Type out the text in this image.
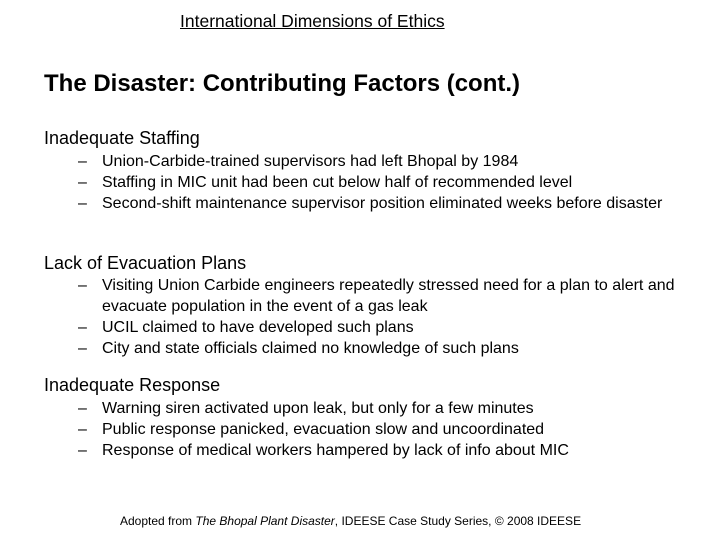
International Dimensions of Ethics
The Disaster: Contributing Factors (cont.)
Inadequate Staffing
– Union-Carbide-trained supervisors had left Bhopal by 1984
– Staffing in MIC unit had been cut below half of recommended level
– Second-shift maintenance supervisor position eliminated weeks before disaster
Lack of Evacuation Plans
– Visiting Union Carbide engineers repeatedly stressed need for a plan to alert and evacuate population in the event of a gas leak
– UCIL claimed to have developed such plans
– City and state officials claimed no knowledge of such plans
Inadequate Response
– Warning siren activated upon leak, but only for a few minutes
– Public response panicked, evacuation slow and uncoordinated
– Response of medical workers hampered by lack of info about MIC
Adopted from The Bhopal Plant Disaster, IDEESE Case Study Series, © 2008 IDEESE
